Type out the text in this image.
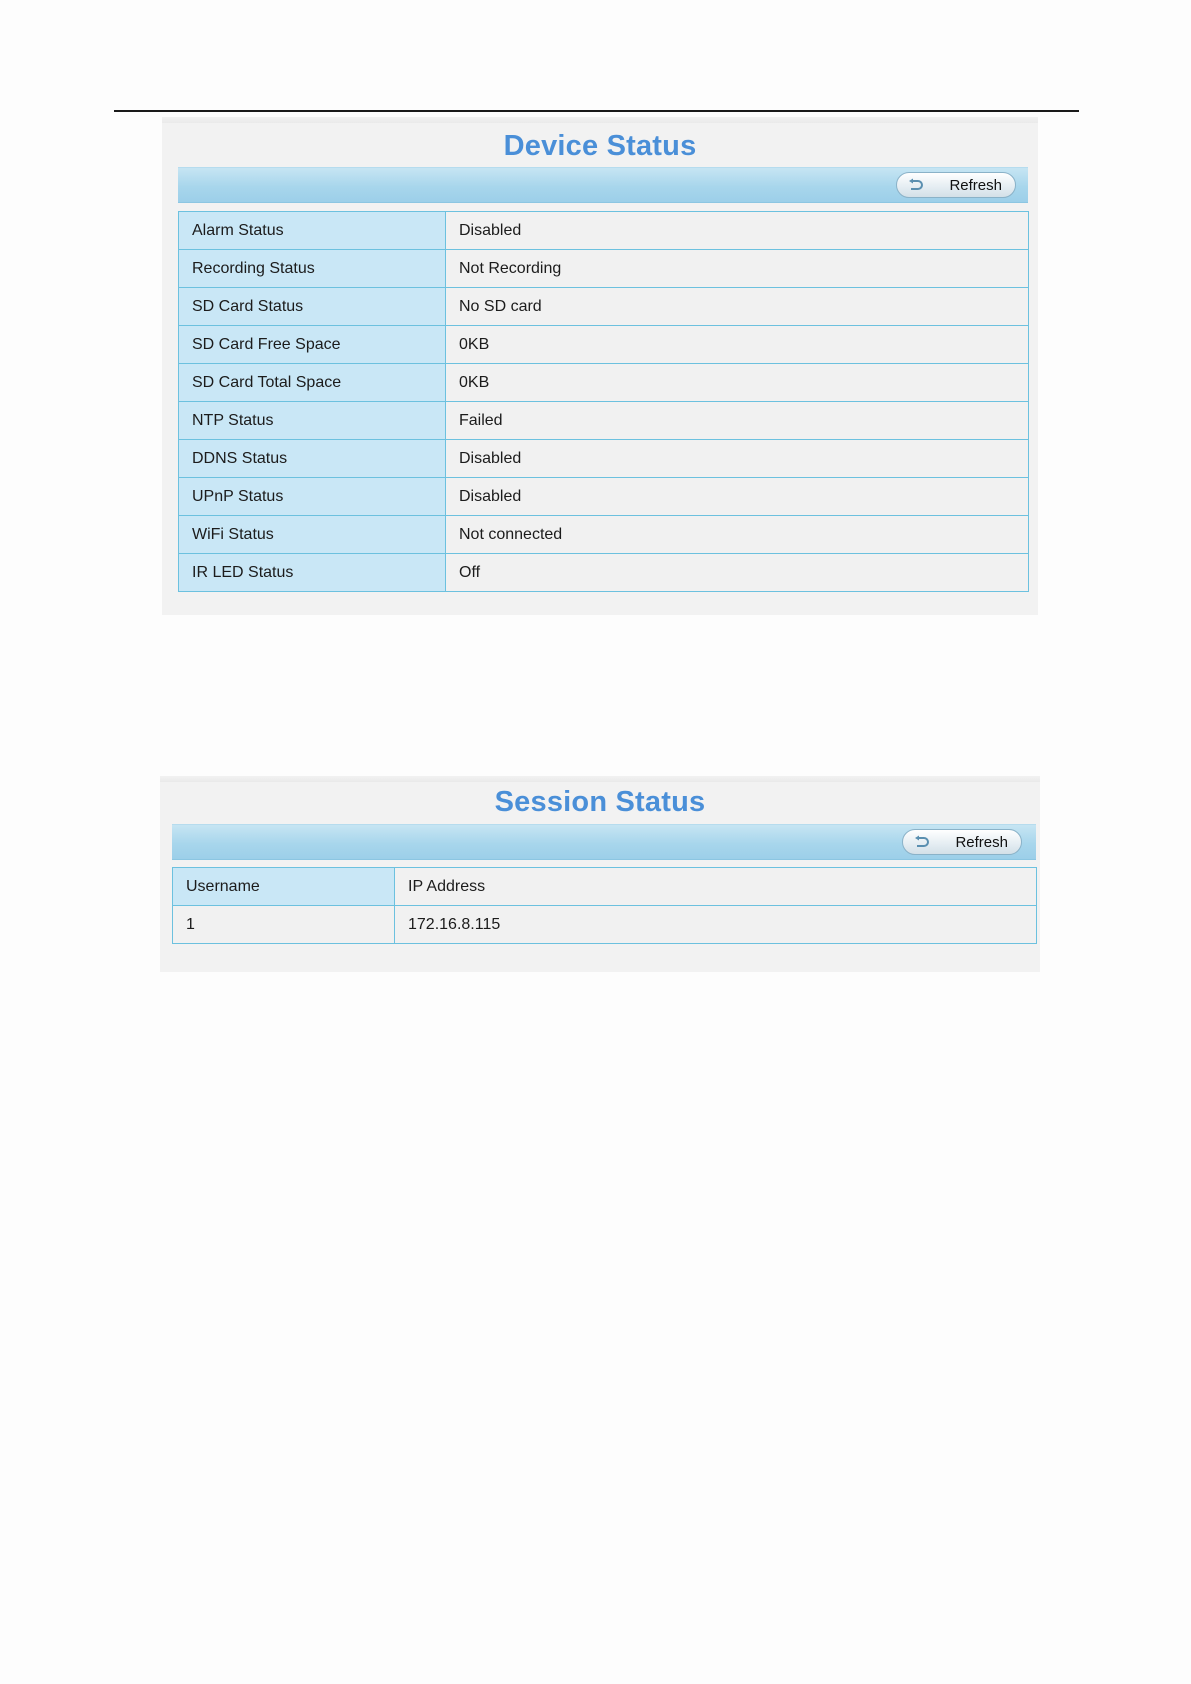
Device Status
Refresh
Alarm Status	Disabled
Recording Status	Not Recording
SD Card Status	No SD card
SD Card Free Space	0KB
SD Card Total Space	0KB
NTP Status	Failed
DDNS Status	Disabled
UPnP Status	Disabled
WiFi Status	Not connected
IR LED Status	Off
Session Status
Refresh
Username	IP Address
1	172.16.8.115
